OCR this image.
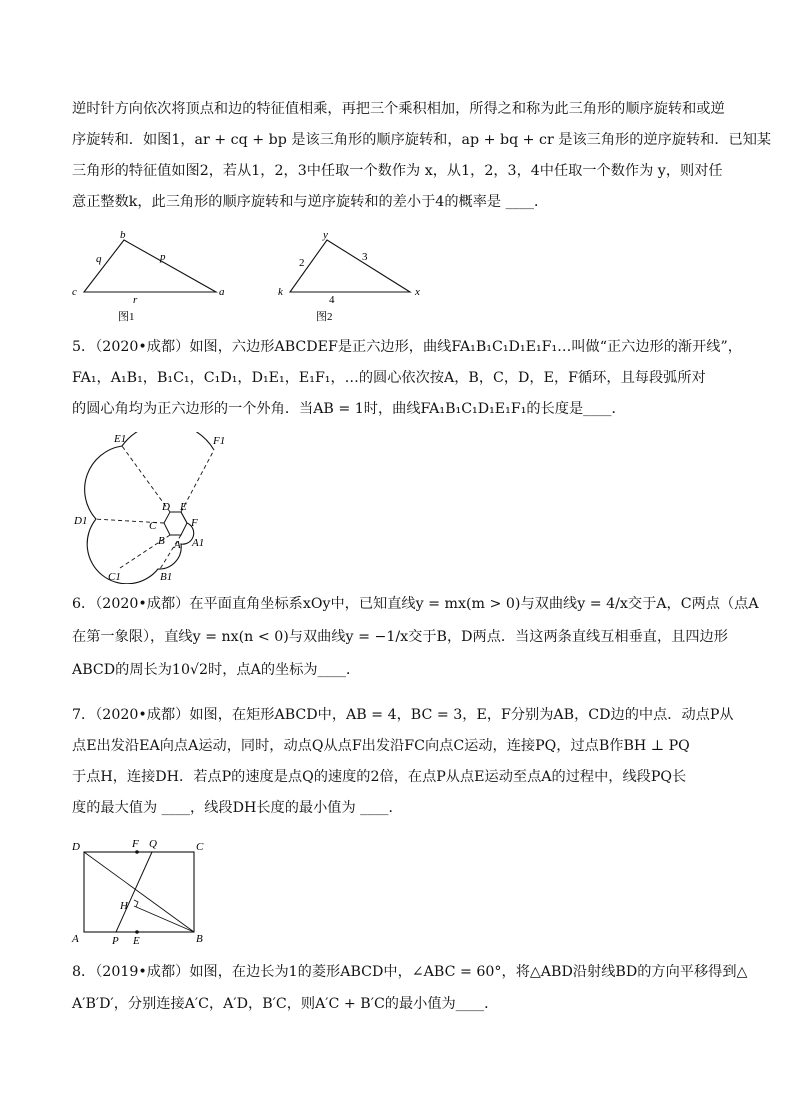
逆时针方向依次将顶点和边的特征值相乘，再把三个乘积相加，所得之和称为此三角形的顺序旋转和或逆
序旋转和．如图1，ar + cq + bp 是该三角形的顺序旋转和，ap + bq + cr 是该三角形的逆序旋转和．已知某
三角形的特征值如图2，若从1，2，3中任取一个数作为 x，从1，2，3，4中任取一个数作为 y，则对任
意正整数k，此三角形的顺序旋转和与逆序旋转和的差小于4的概率是 ____．
b
c	a
q	p
r
图1
y
k	x
2	3
4
图2
5．（2020•成都）如图，六边形ABCDEF是正六边形，曲线FA₁B₁C₁D₁E₁F₁…叫做“正六边形的渐开线”，
FA₁，A₁B₁，B₁C₁，C₁D₁，D₁E₁，E₁F₁，…的圆心依次按A，B，C，D，E，F循环，且每段弧所对
的圆心角均为正六边形的一个外角．当AB = 1时，曲线FA₁B₁C₁D₁E₁F₁的长度是____．
E1	F1
D1
C1	B1
A1
B
C
D E
F
A
6．（2020•成都）在平面直角坐标系xOy中，已知直线y = mx(m > 0)与双曲线y = 4/x交于A，C两点（点A
在第一象限），直线y = nx(n < 0)与双曲线y = −1/x交于B，D两点．当这两条直线互相垂直，且四边形
ABCD的周长为10√2时，点A的坐标为____．
7．（2020•成都）如图，在矩形ABCD中，AB = 4，BC = 3，E，F分别为AB，CD边的中点．动点P从
点E出发沿EA向点A运动，同时，动点Q从点F出发沿FC向点C运动，连接PQ，过点B作BH ⊥ PQ
于点H，连接DH．若点P的速度是点Q的速度的2倍，在点P从点E运动至点A的过程中，线段PQ长
度的最大值为 ____，线段DH长度的最小值为 ____．
D	C
A	B
F Q
P E
H
8．（2019•成都）如图，在边长为1的菱形ABCD中，∠ABC = 60°，将△ABD沿射线BD的方向平移得到△
A′B′D′，分别连接A′C，A′D，B′C，则A′C + B′C的最小值为____．
